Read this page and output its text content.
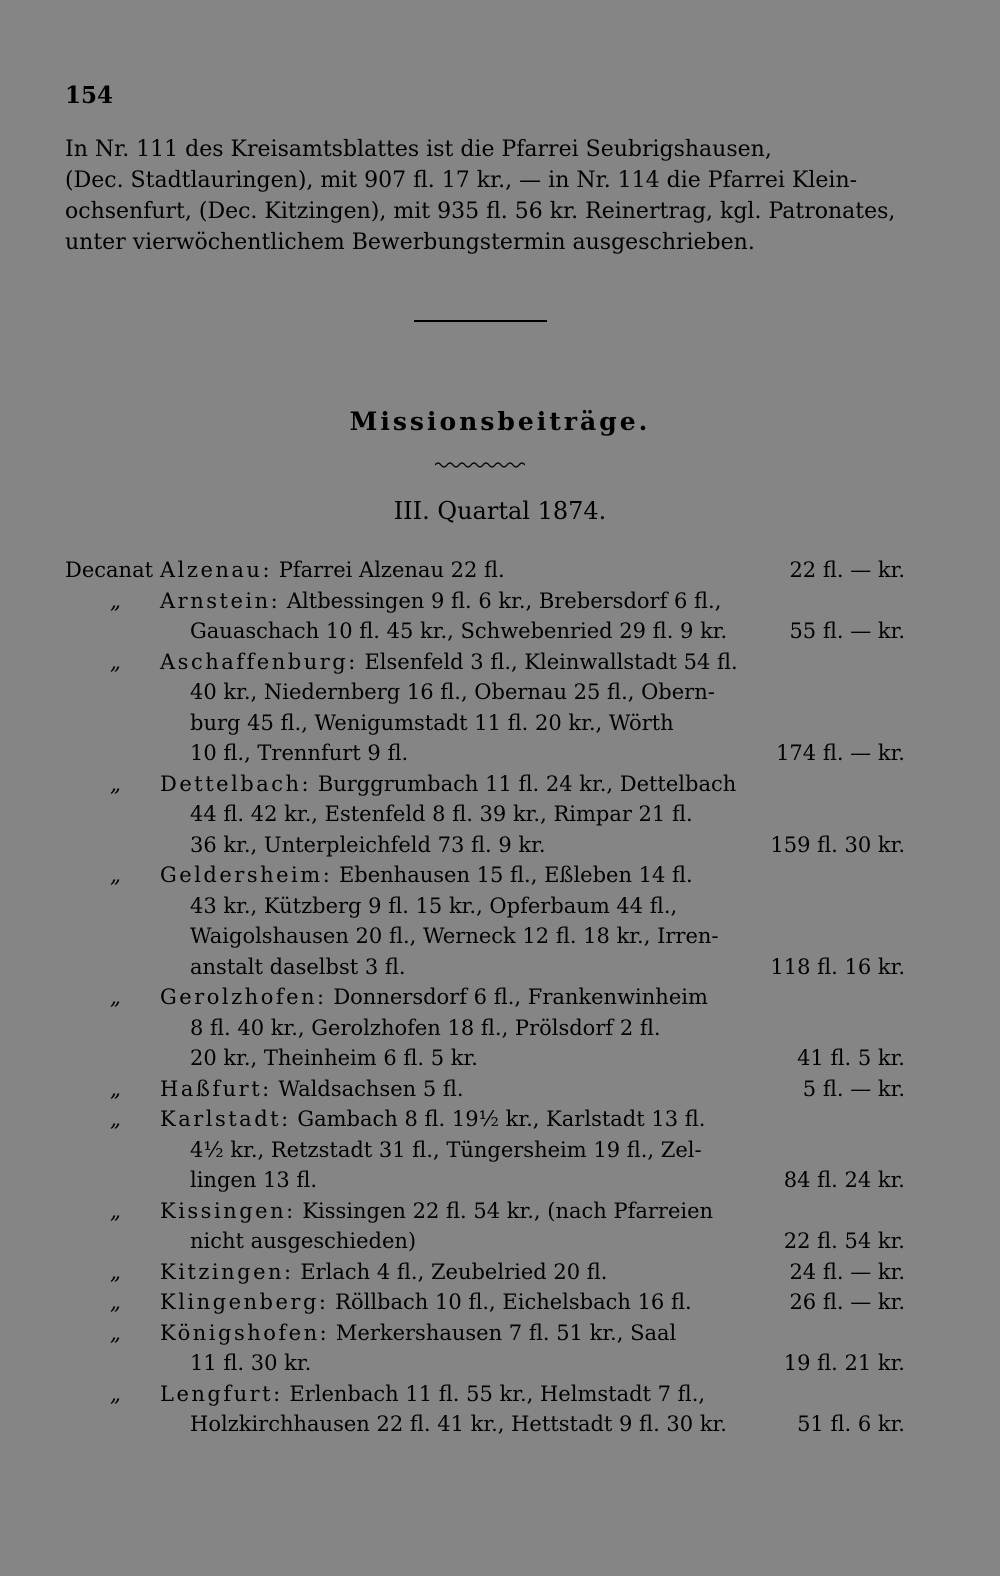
154
In Nr. 111 des Kreisamtsblattes ist die Pfarrei Seubrigshausen,
(Dec. Stadtlauringen), mit 907 fl. 17 kr., — in Nr. 114 die Pfarrei Klein-
ochsenfurt, (Dec. Kitzingen), mit 935 fl. 56 kr. Reinertrag, kgl. Patronates,
unter vierwöchentlichem Bewerbungstermin ausgeschrieben.
Missionsbeiträge.
III. Quartal 1874.
Decanat Alzenau: Pfarrei Alzenau 22 fl.	22 fl. — kr.
„	Arnstein: Altbessingen 9 fl. 6 kr., Brebersdorf 6 fl.,
Gauaschach 10 fl. 45 kr., Schwebenried 29 fl. 9 kr.	55 fl. — kr.
„	Aschaffenburg: Elsenfeld 3 fl., Kleinwallstadt 54 fl.
40 kr., Niedernberg 16 fl., Obernau 25 fl., Obern-
burg 45 fl., Wenigumstadt 11 fl. 20 kr., Wörth
10 fl., Trennfurt 9 fl.	174 fl. — kr.
„	Dettelbach: Burggrumbach 11 fl. 24 kr., Dettelbach
44 fl. 42 kr., Estenfeld 8 fl. 39 kr., Rimpar 21 fl.
36 kr., Unterpleichfeld 73 fl. 9 kr.	159 fl. 30 kr.
„	Geldersheim: Ebenhausen 15 fl., Eßleben 14 fl.
43 kr., Kützberg 9 fl. 15 kr., Opferbaum 44 fl.,
Waigolshausen 20 fl., Werneck 12 fl. 18 kr., Irren-
anstalt daselbst 3 fl.	118 fl. 16 kr.
„	Gerolzhofen: Donnersdorf 6 fl., Frankenwinheim
8 fl. 40 kr., Gerolzhofen 18 fl., Prölsdorf 2 fl.
20 kr., Theinheim 6 fl. 5 kr.	41 fl. 5 kr.
„	Haßfurt: Waldsachsen 5 fl.	5 fl. — kr.
„	Karlstadt: Gambach 8 fl. 19½ kr., Karlstadt 13 fl.
4½ kr., Retzstadt 31 fl., Tüngersheim 19 fl., Zel-
lingen 13 fl.	84 fl. 24 kr.
„	Kissingen: Kissingen 22 fl. 54 kr., (nach Pfarreien
nicht ausgeschieden)	22 fl. 54 kr.
„	Kitzingen: Erlach 4 fl., Zeubelried 20 fl.	24 fl. — kr.
„	Klingenberg: Röllbach 10 fl., Eichelsbach 16 fl.	26 fl. — kr.
„	Königshofen: Merkershausen 7 fl. 51 kr., Saal
11 fl. 30 kr.	19 fl. 21 kr.
„	Lengfurt: Erlenbach 11 fl. 55 kr., Helmstadt 7 fl.,
Holzkirchhausen 22 fl. 41 kr., Hettstadt 9 fl. 30 kr.	51 fl. 6 kr.
